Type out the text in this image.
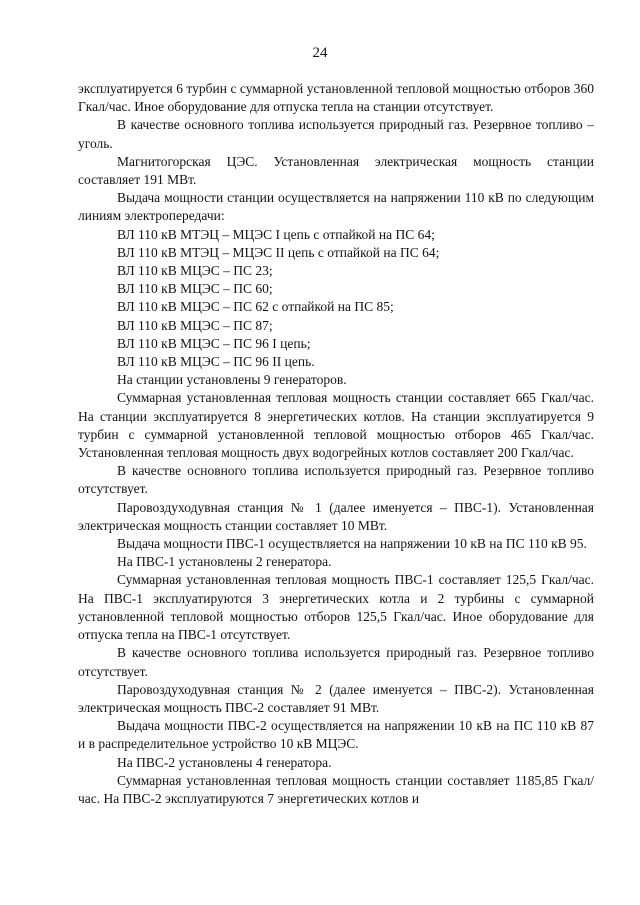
24

эксплуатируется 6 турбин с суммарной установленной тепловой мощностью отборов 360 Гкал/час. Иное оборудование для отпуска тепла на станции отсутствует.

В качестве основного топлива используется природный газ. Резервное топливо – уголь.

Магнитогорская ЦЭС. Установленная электрическая мощность станции составляет 191 МВт.

Выдача мощности станции осуществляется на напряжении 110 кВ по следующим линиям электропередачи:

ВЛ 110 кВ МТЭЦ – МЦЭС I цепь с отпайкой на ПС 64;

ВЛ 110 кВ МТЭЦ – МЦЭС II цепь с отпайкой на ПС 64;

ВЛ 110 кВ МЦЭС – ПС 23;

ВЛ 110 кВ МЦЭС – ПС 60;

ВЛ 110 кВ МЦЭС – ПС 62 с отпайкой на ПС 85;

ВЛ 110 кВ МЦЭС – ПС 87;

ВЛ 110 кВ МЦЭС – ПС 96 I цепь;

ВЛ 110 кВ МЦЭС – ПС 96 II цепь.

На станции установлены 9 генераторов.

Суммарная установленная тепловая мощность станции составляет 665 Гкал/час. На станции эксплуатируется 8 энергетических котлов. На станции эксплуатируется 9 турбин с суммарной установленной тепловой мощностью отборов 465 Гкал/час. Установленная тепловая мощность двух водогрейных котлов составляет 200 Гкал/час.

В качестве основного топлива используется природный газ. Резервное топливо отсутствует.

Паровоздуходувная станция № 1 (далее именуется – ПВС-1). Установленная электрическая мощность станции составляет 10 МВт.

Выдача мощности ПВС-1 осуществляется на напряжении 10 кВ на ПС 110 кВ 95.

На ПВС-1 установлены 2 генератора.

Суммарная установленная тепловая мощность ПВС-1 составляет 125,5 Гкал/час. На ПВС-1 эксплуатируются 3 энергетических котла и 2 турбины с суммарной установленной тепловой мощностью отборов 125,5 Гкал/час. Иное оборудование для отпуска тепла на ПВС-1 отсутствует.

В качестве основного топлива используется природный газ. Резервное топливо отсутствует.

Паровоздуходувная станция № 2 (далее именуется – ПВС-2). Установленная электрическая мощность ПВС-2 составляет 91 МВт.

Выдача мощности ПВС-2 осуществляется на напряжении 10 кВ на ПС 110 кВ 87 и в распределительное устройство 10 кВ МЦЭС.

На ПВС-2 установлены 4 генератора.

Суммарная установленная тепловая мощность станции составляет 1185,85 Гкал/час. На ПВС-2 эксплуатируются 7 энергетических котлов и
